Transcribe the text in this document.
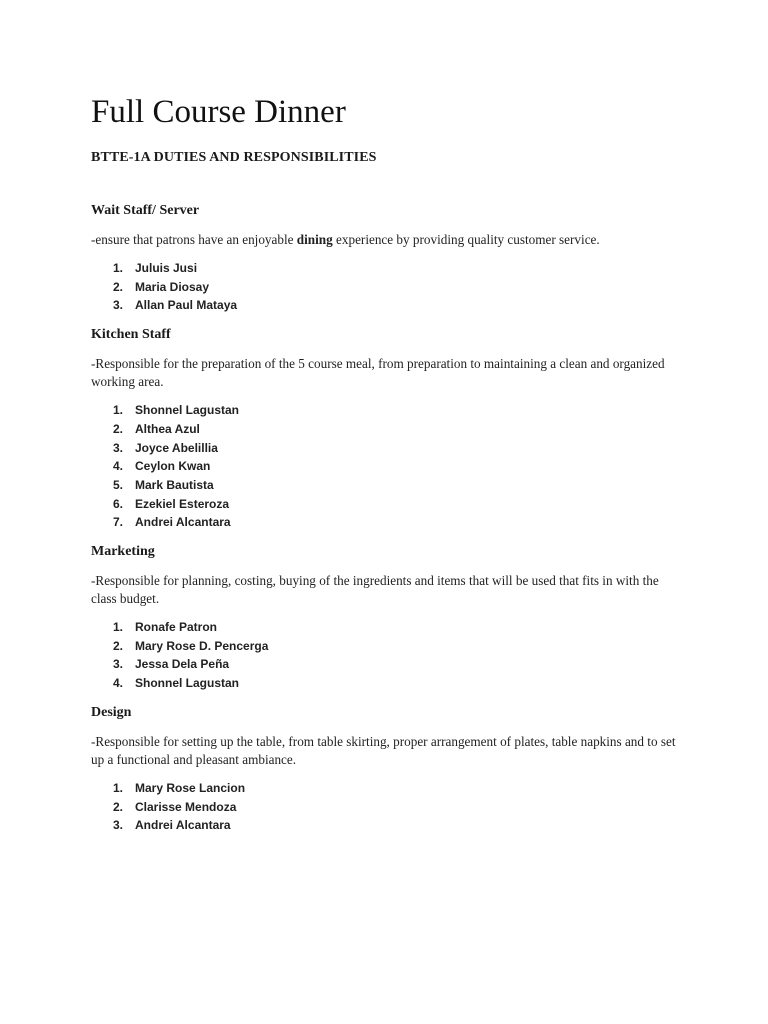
Full Course Dinner
BTTE-1A DUTIES AND RESPONSIBILITIES
Wait Staff/ Server
-ensure that patrons have an enjoyable dining experience by providing quality customer service.
1. Juluis Jusi
2. Maria Diosay
3. Allan Paul Mataya
Kitchen Staff
-Responsible for the preparation of the 5 course meal, from preparation to maintaining a clean and organized working area.
1. Shonnel Lagustan
2. Althea Azul
3. Joyce Abelillia
4. Ceylon Kwan
5. Mark Bautista
6. Ezekiel Esteroza
7. Andrei Alcantara
Marketing
-Responsible for planning, costing, buying of the ingredients and items that will be used that fits in with the class budget.
1. Ronafe Patron
2. Mary Rose D. Pencerga
3. Jessa Dela Peña
4. Shonnel Lagustan
Design
-Responsible for setting up the table, from table skirting, proper arrangement of plates, table napkins and to set up a functional and pleasant ambiance.
1. Mary Rose Lancion
2. Clarisse Mendoza
3. Andrei Alcantara
